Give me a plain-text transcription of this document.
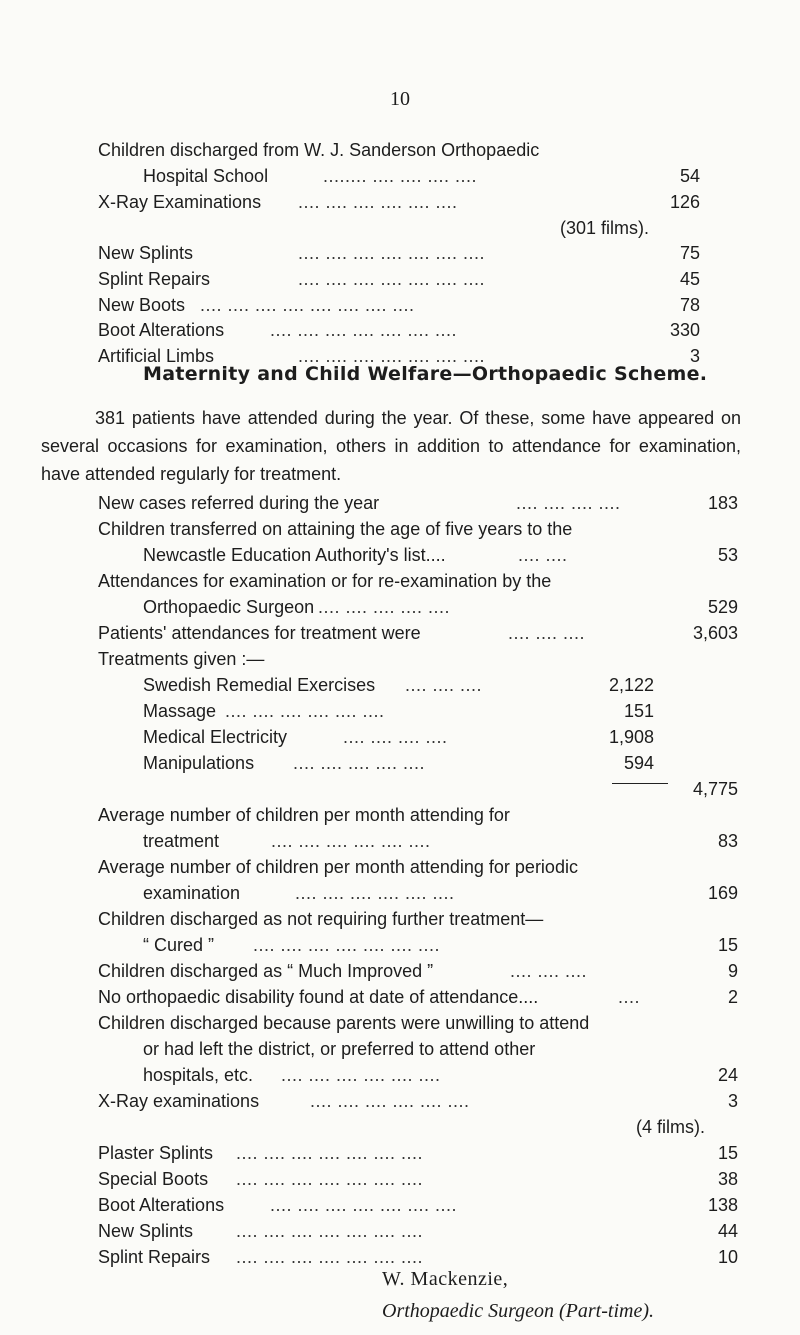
10
Children discharged from W. J. Sanderson Orthopaedic
Hospital School	........ .... .... .... ....	54
X-Ray Examinations .... .... .... .... .... ....	126
(301 films).
New Splints	.... .... .... .... .... .... ....	75
Splint Repairs	.... .... .... .... .... .... ....	45
New Boots .... .... .... .... .... .... .... ....	78
Boot Alterations	.... .... .... .... .... .... ....	330
Artificial Limbs	.... .... .... .... .... .... ....	3
Maternity and Child Welfare—Orthopaedic Scheme.
381 patients have attended during the year. Of these, some have appeared on several occasions for examination, others in addition to attendance for examination, have attended regularly for treatment.
New cases referred during the year	.... .... .... ....	183
Children transferred on attaining the age of five years to the
Newcastle Education Authority's list....	.... ....	53
Attendances for examination or for re-examination by the
Orthopaedic Surgeon .... .... .... .... ....	529
Patients' attendances for treatment were	.... .... ....	3,603
Treatments given :—
Swedish Remedial Exercises .... .... ....	2,122
Massage .... .... .... .... .... ....	151
Medical Electricity	.... .... .... ....	1,908
Manipulations .... .... .... .... ....	594
4,775
Average number of children per month attending for
treatment	.... .... .... .... .... ....	83
Average number of children per month attending for periodic
examination	.... .... .... .... .... ....	169
Children discharged as not requiring further treatment—
“ Cured ” .... .... .... .... .... .... ....	15
Children discharged as “ Much Improved ”	.... .... ....	9
No orthopaedic disability found at date of attendance....	....	2
Children discharged because parents were unwilling to attend
or had left the district, or preferred to attend other
hospitals, etc. .... .... .... .... .... ....	24
X-Ray examinations	.... .... .... .... .... ....	3
(4 films).
Plaster Splints .... .... .... .... .... .... ....	15
Special Boots .... .... .... .... .... .... ....	38
Boot Alterations	.... .... .... .... .... .... ....	138
New Splints .... .... .... .... .... .... ....	44
Splint Repairs .... .... .... .... .... .... ....	10
W. Mackenzie,
Orthopaedic Surgeon (Part-time).
